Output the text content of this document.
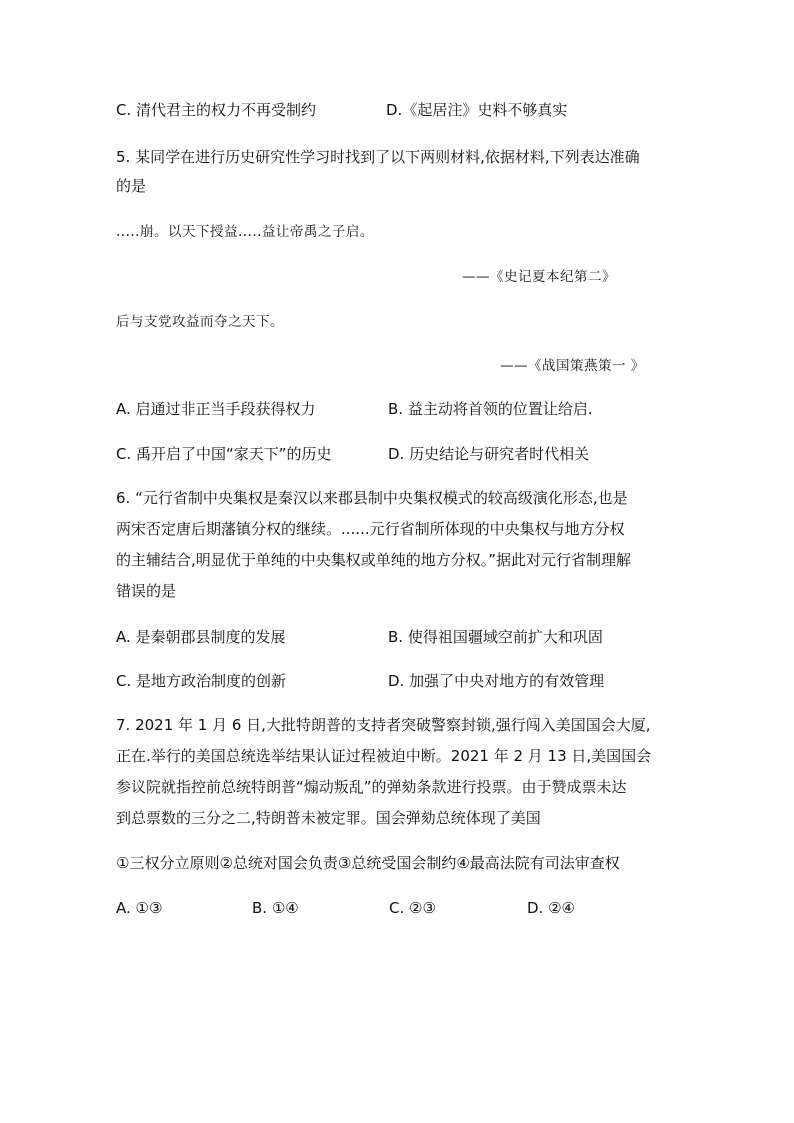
C. 清代君主的权力不再受制约	D.《起居注》史料不够真实
5. 某同学在进行历史研究性学习时找到了以下两则材料,依据材料,下列表达准确
的是
.....崩。以天下授益.....益让帝禹之子启。
——《史记夏本纪第二》
后与支党攻益而夺之天下。
——《战国策燕策一 》
A. 启通过非正当手段获得权力	B. 益主动将首领的位置让给启.
C. 禹开启了中国“家天下”的历史	D. 历史结论与研究者时代相关
6. “元行省制中央集权是秦汉以来郡县制中央集权模式的较高级演化形态,也是
两宋否定唐后期藩镇分权的继续。......元行省制所体现的中央集权与地方分权
的主辅结合,明显优于单纯的中央集权或单纯的地方分权。”据此对元行省制理解
错误的是
A. 是秦朝郡县制度的发展	B. 使得祖国疆域空前扩大和巩固
C. 是地方政治制度的创新	D. 加强了中央对地方的有效管理
7. 2021 年 1 月 6 日,大批特朗普的支持者突破警察封锁,强行闯入美国国会大厦,
正在.举行的美国总统选举结果认证过程被迫中断。2021 年 2 月 13 日,美国国会
参议院就指控前总统特朗普“煽动叛乱”的弹劾条款进行投票。由于赞成票未达
到总票数的三分之二,特朗普未被定罪。国会弹劾总统体现了美国
①三权分立原则②总统对国会负责③总统受国会制约④最高法院有司法审查权
A. ①③	B. ①④	C. ②③	D. ②④
